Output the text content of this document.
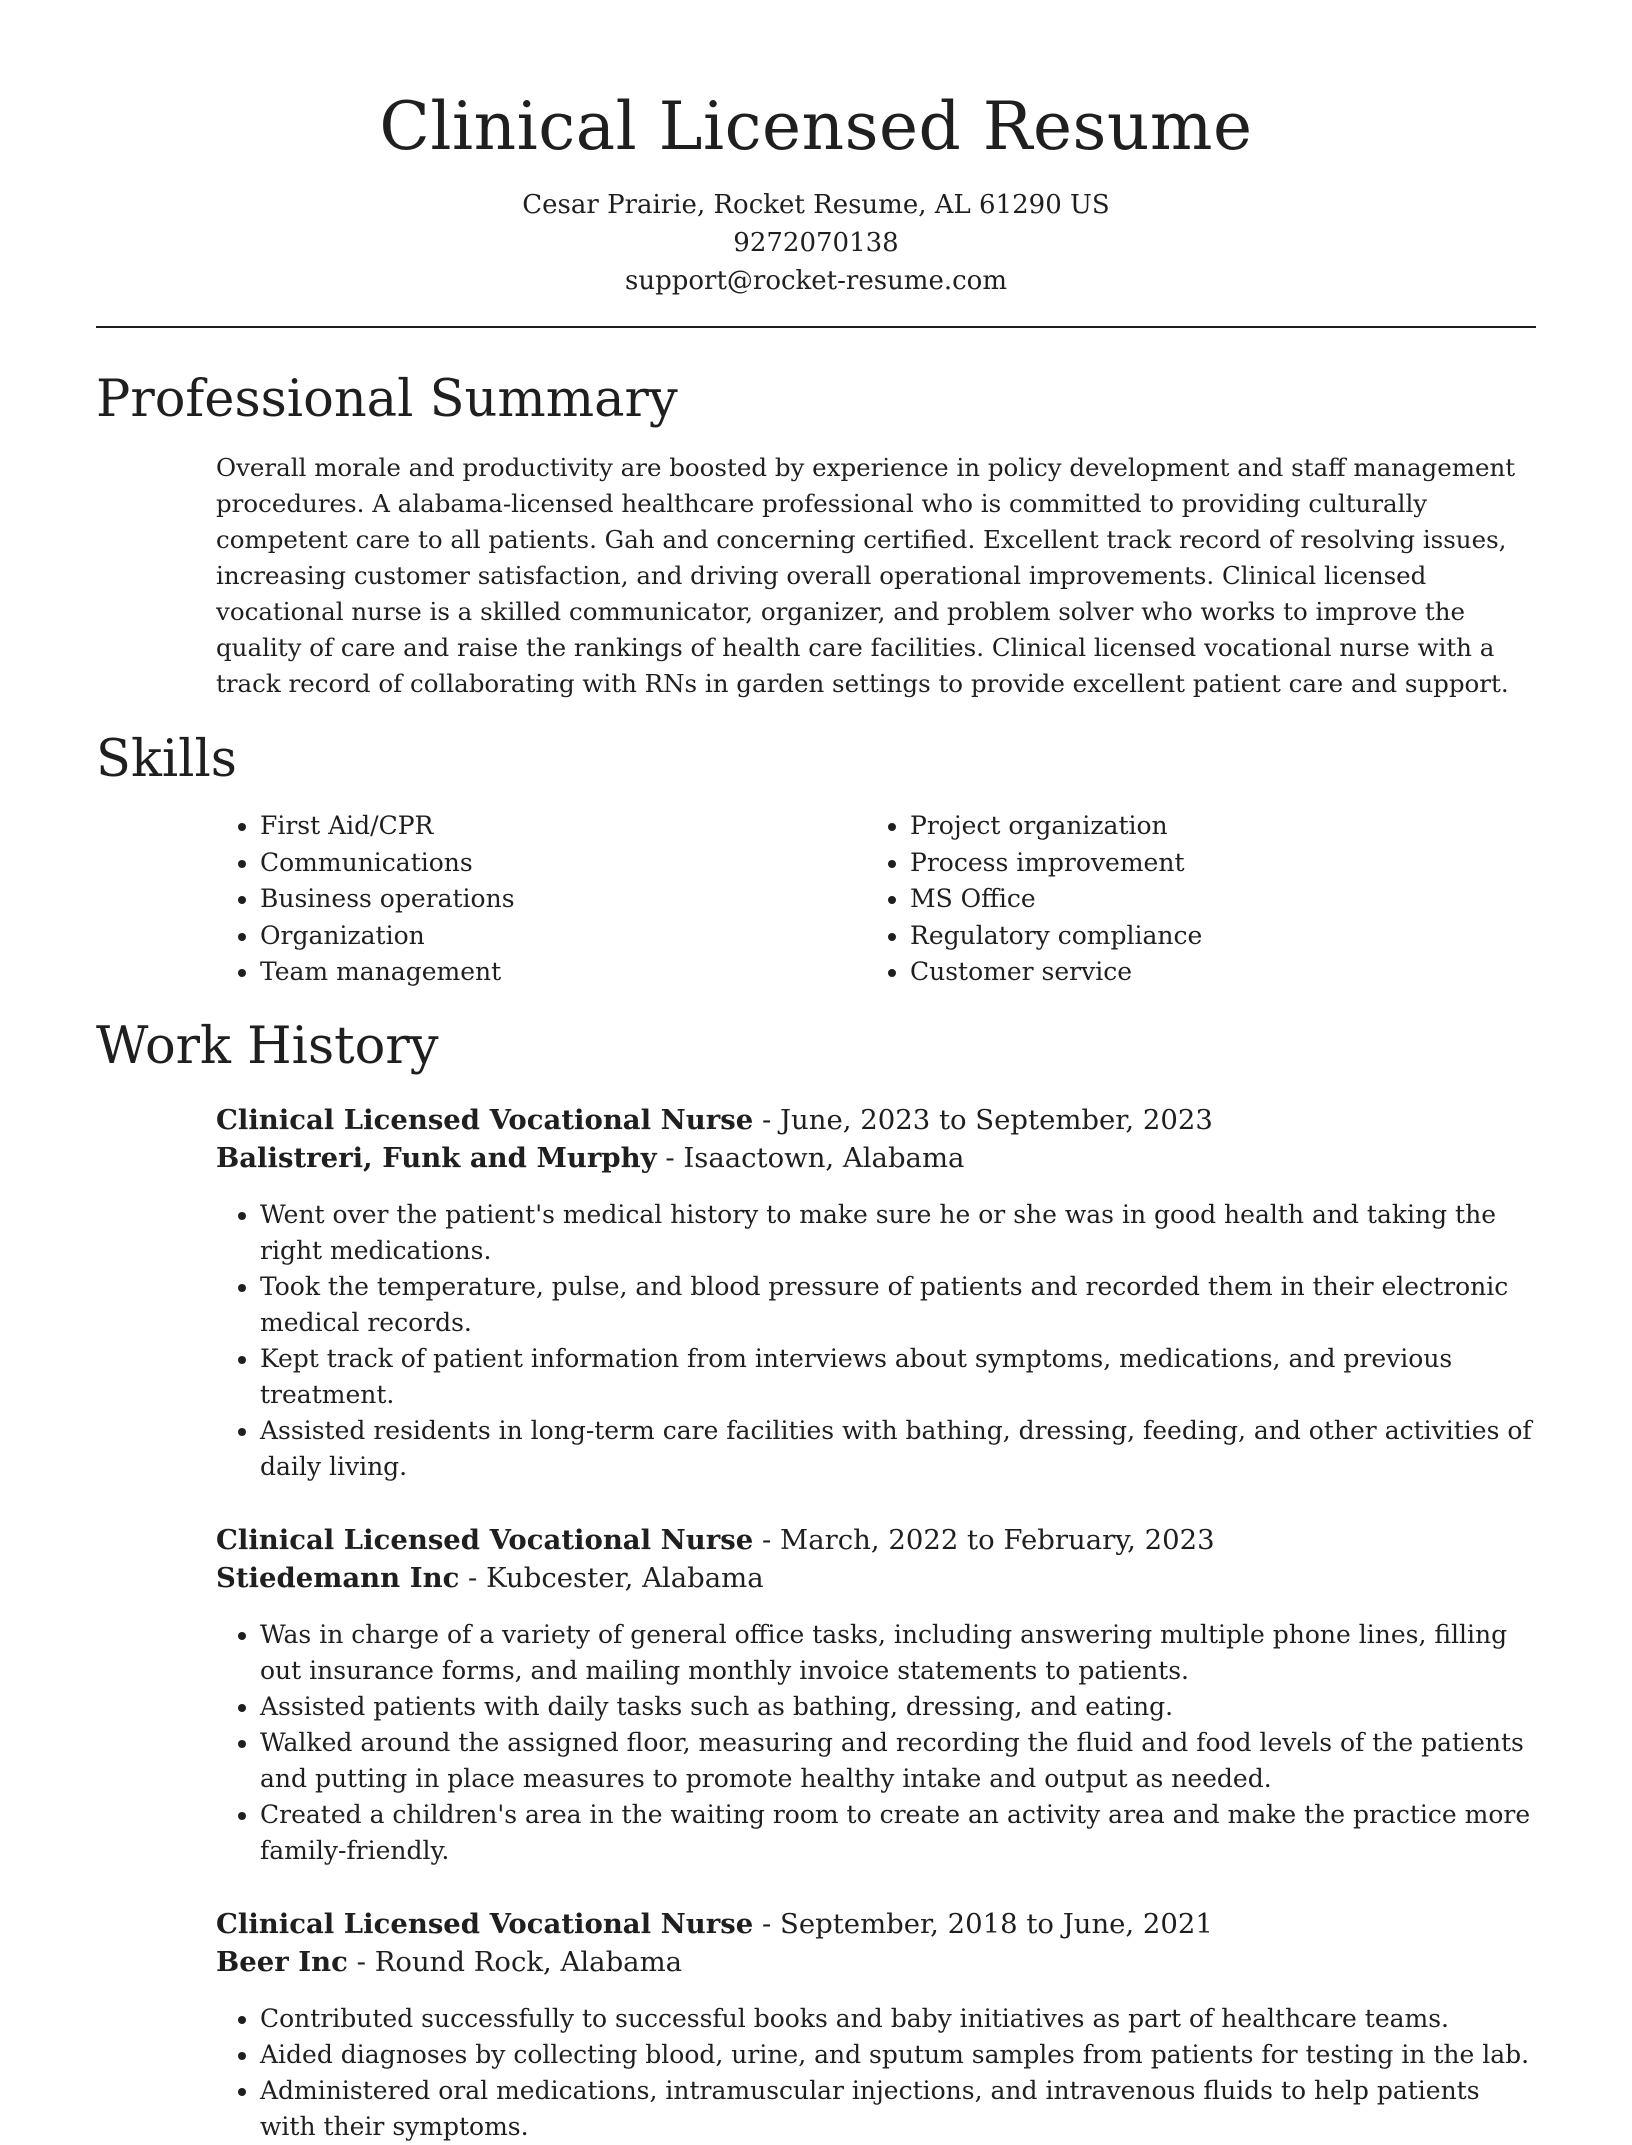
Clinical Licensed Resume
Cesar Prairie, Rocket Resume, AL 61290 US
9272070138
support@rocket-resume.com
Professional Summary

Overall morale and productivity are boosted by experience in policy development and staff management procedures. A alabama-licensed healthcare professional who is committed to providing culturally competent care to all patients. Gah and concerning certified. Excellent track record of resolving issues, increasing customer satisfaction, and driving overall operational improvements. Clinical licensed vocational nurse is a skilled communicator, organizer, and problem solver who works to improve the quality of care and raise the rankings of health care facilities. Clinical licensed vocational nurse with a track record of collaborating with RNs in garden settings to provide excellent patient care and support.

Skills
• First Aid/CPR
• Communications
• Business operations
• Organization
• Team management
• Project organization
• Process improvement
• MS Office
• Regulatory compliance
• Customer service
Work History
Clinical Licensed Vocational Nurse - June, 2023 to September, 2023
Balistreri, Funk and Murphy - Isaactown, Alabama
• Went over the patient's medical history to make sure he or she was in good health and taking the right medications.
• Took the temperature, pulse, and blood pressure of patients and recorded them in their electronic medical records.
• Kept track of patient information from interviews about symptoms, medications, and previous treatment.
• Assisted residents in long-term care facilities with bathing, dressing, feeding, and other activities of daily living.
Clinical Licensed Vocational Nurse - March, 2022 to February, 2023
Stiedemann Inc - Kubcester, Alabama
• Was in charge of a variety of general office tasks, including answering multiple phone lines, filling out insurance forms, and mailing monthly invoice statements to patients.
• Assisted patients with daily tasks such as bathing, dressing, and eating.
• Walked around the assigned floor, measuring and recording the fluid and food levels of the patients and putting in place measures to promote healthy intake and output as needed.
• Created a children's area in the waiting room to create an activity area and make the practice more family-friendly.
Clinical Licensed Vocational Nurse - September, 2018 to June, 2021
Beer Inc - Round Rock, Alabama
• Contributed successfully to successful books and baby initiatives as part of healthcare teams.
• Aided diagnoses by collecting blood, urine, and sputum samples from patients for testing in the lab.
• Administered oral medications, intramuscular injections, and intravenous fluids to help patients with their symptoms.
